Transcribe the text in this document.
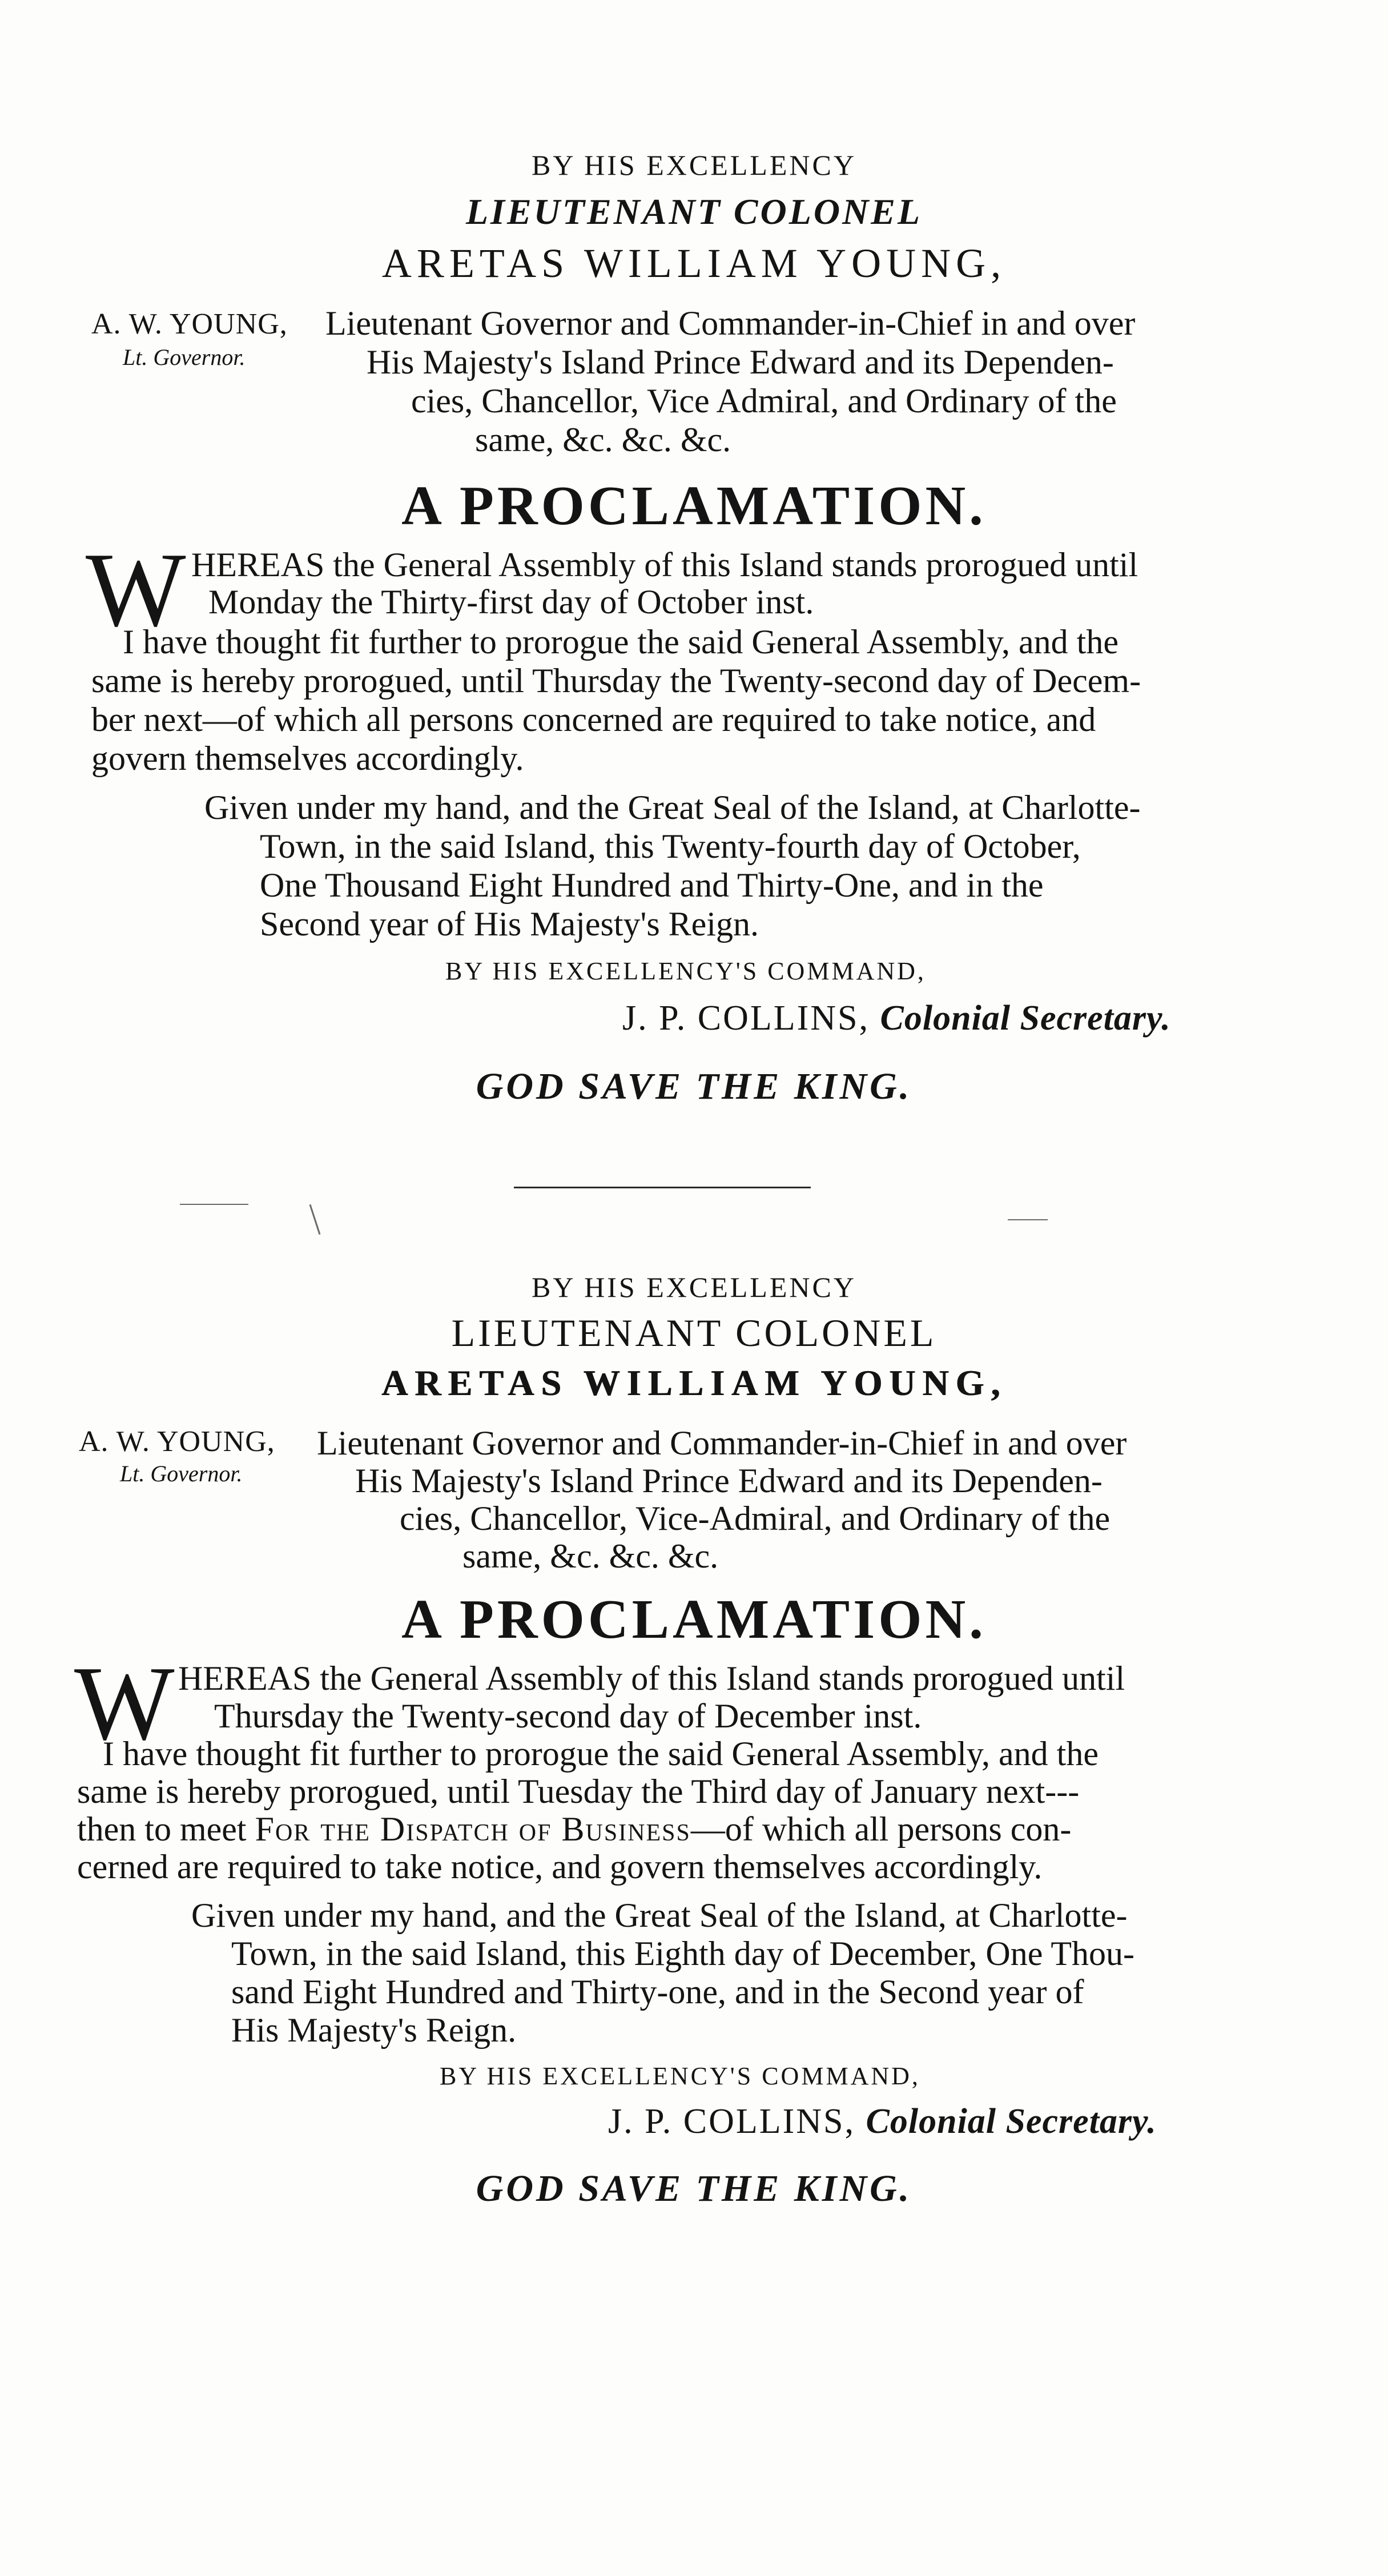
BY HIS EXCELLENCY
LIEUTENANT COLONEL
ARETAS WILLIAM YOUNG,
A. W. YOUNG,
Lt. Governor.
Lieutenant Governor and Commander-in-Chief in and over
His Majesty's Island Prince Edward and its Dependen-
cies, Chancellor, Vice Admiral, and Ordinary of the
same, &c. &c. &c.
A PROCLAMATION.
W HEREAS the General Assembly of this Island stands prorogued until
Monday the Thirty-first day of October inst.
I have thought fit further to prorogue the said General Assembly, and the
same is hereby prorogued, until Thursday the Twenty-second day of Decem-
ber next—of which all persons concerned are required to take notice, and
govern themselves accordingly.
Given under my hand, and the Great Seal of the Island, at Charlotte-
Town, in the said Island, this Twenty-fourth day of October,
One Thousand Eight Hundred and Thirty-One, and in the
Second year of His Majesty's Reign.
BY HIS EXCELLENCY'S COMMAND,
J. P. COLLINS, Colonial Secretary.
GOD SAVE THE KING.
BY HIS EXCELLENCY
LIEUTENANT COLONEL
ARETAS WILLIAM YOUNG,
A. W. YOUNG,
Lt. Governor.
Lieutenant Governor and Commander-in-Chief in and over
His Majesty's Island Prince Edward and its Dependen-
cies, Chancellor, Vice-Admiral, and Ordinary of the
same, &c. &c. &c.
A PROCLAMATION.
W HEREAS the General Assembly of this Island stands prorogued until
Thursday the Twenty-second day of December inst.
I have thought fit further to prorogue the said General Assembly, and the
same is hereby prorogued, until Tuesday the Third day of January next---
then to meet For the Dispatch of Business—of which all persons con-
cerned are required to take notice, and govern themselves accordingly.
Given under my hand, and the Great Seal of the Island, at Charlotte-
Town, in the said Island, this Eighth day of December, One Thou-
sand Eight Hundred and Thirty-one, and in the Second year of
His Majesty's Reign.
BY HIS EXCELLENCY'S COMMAND,
J. P. COLLINS, Colonial Secretary.
GOD SAVE THE KING.
